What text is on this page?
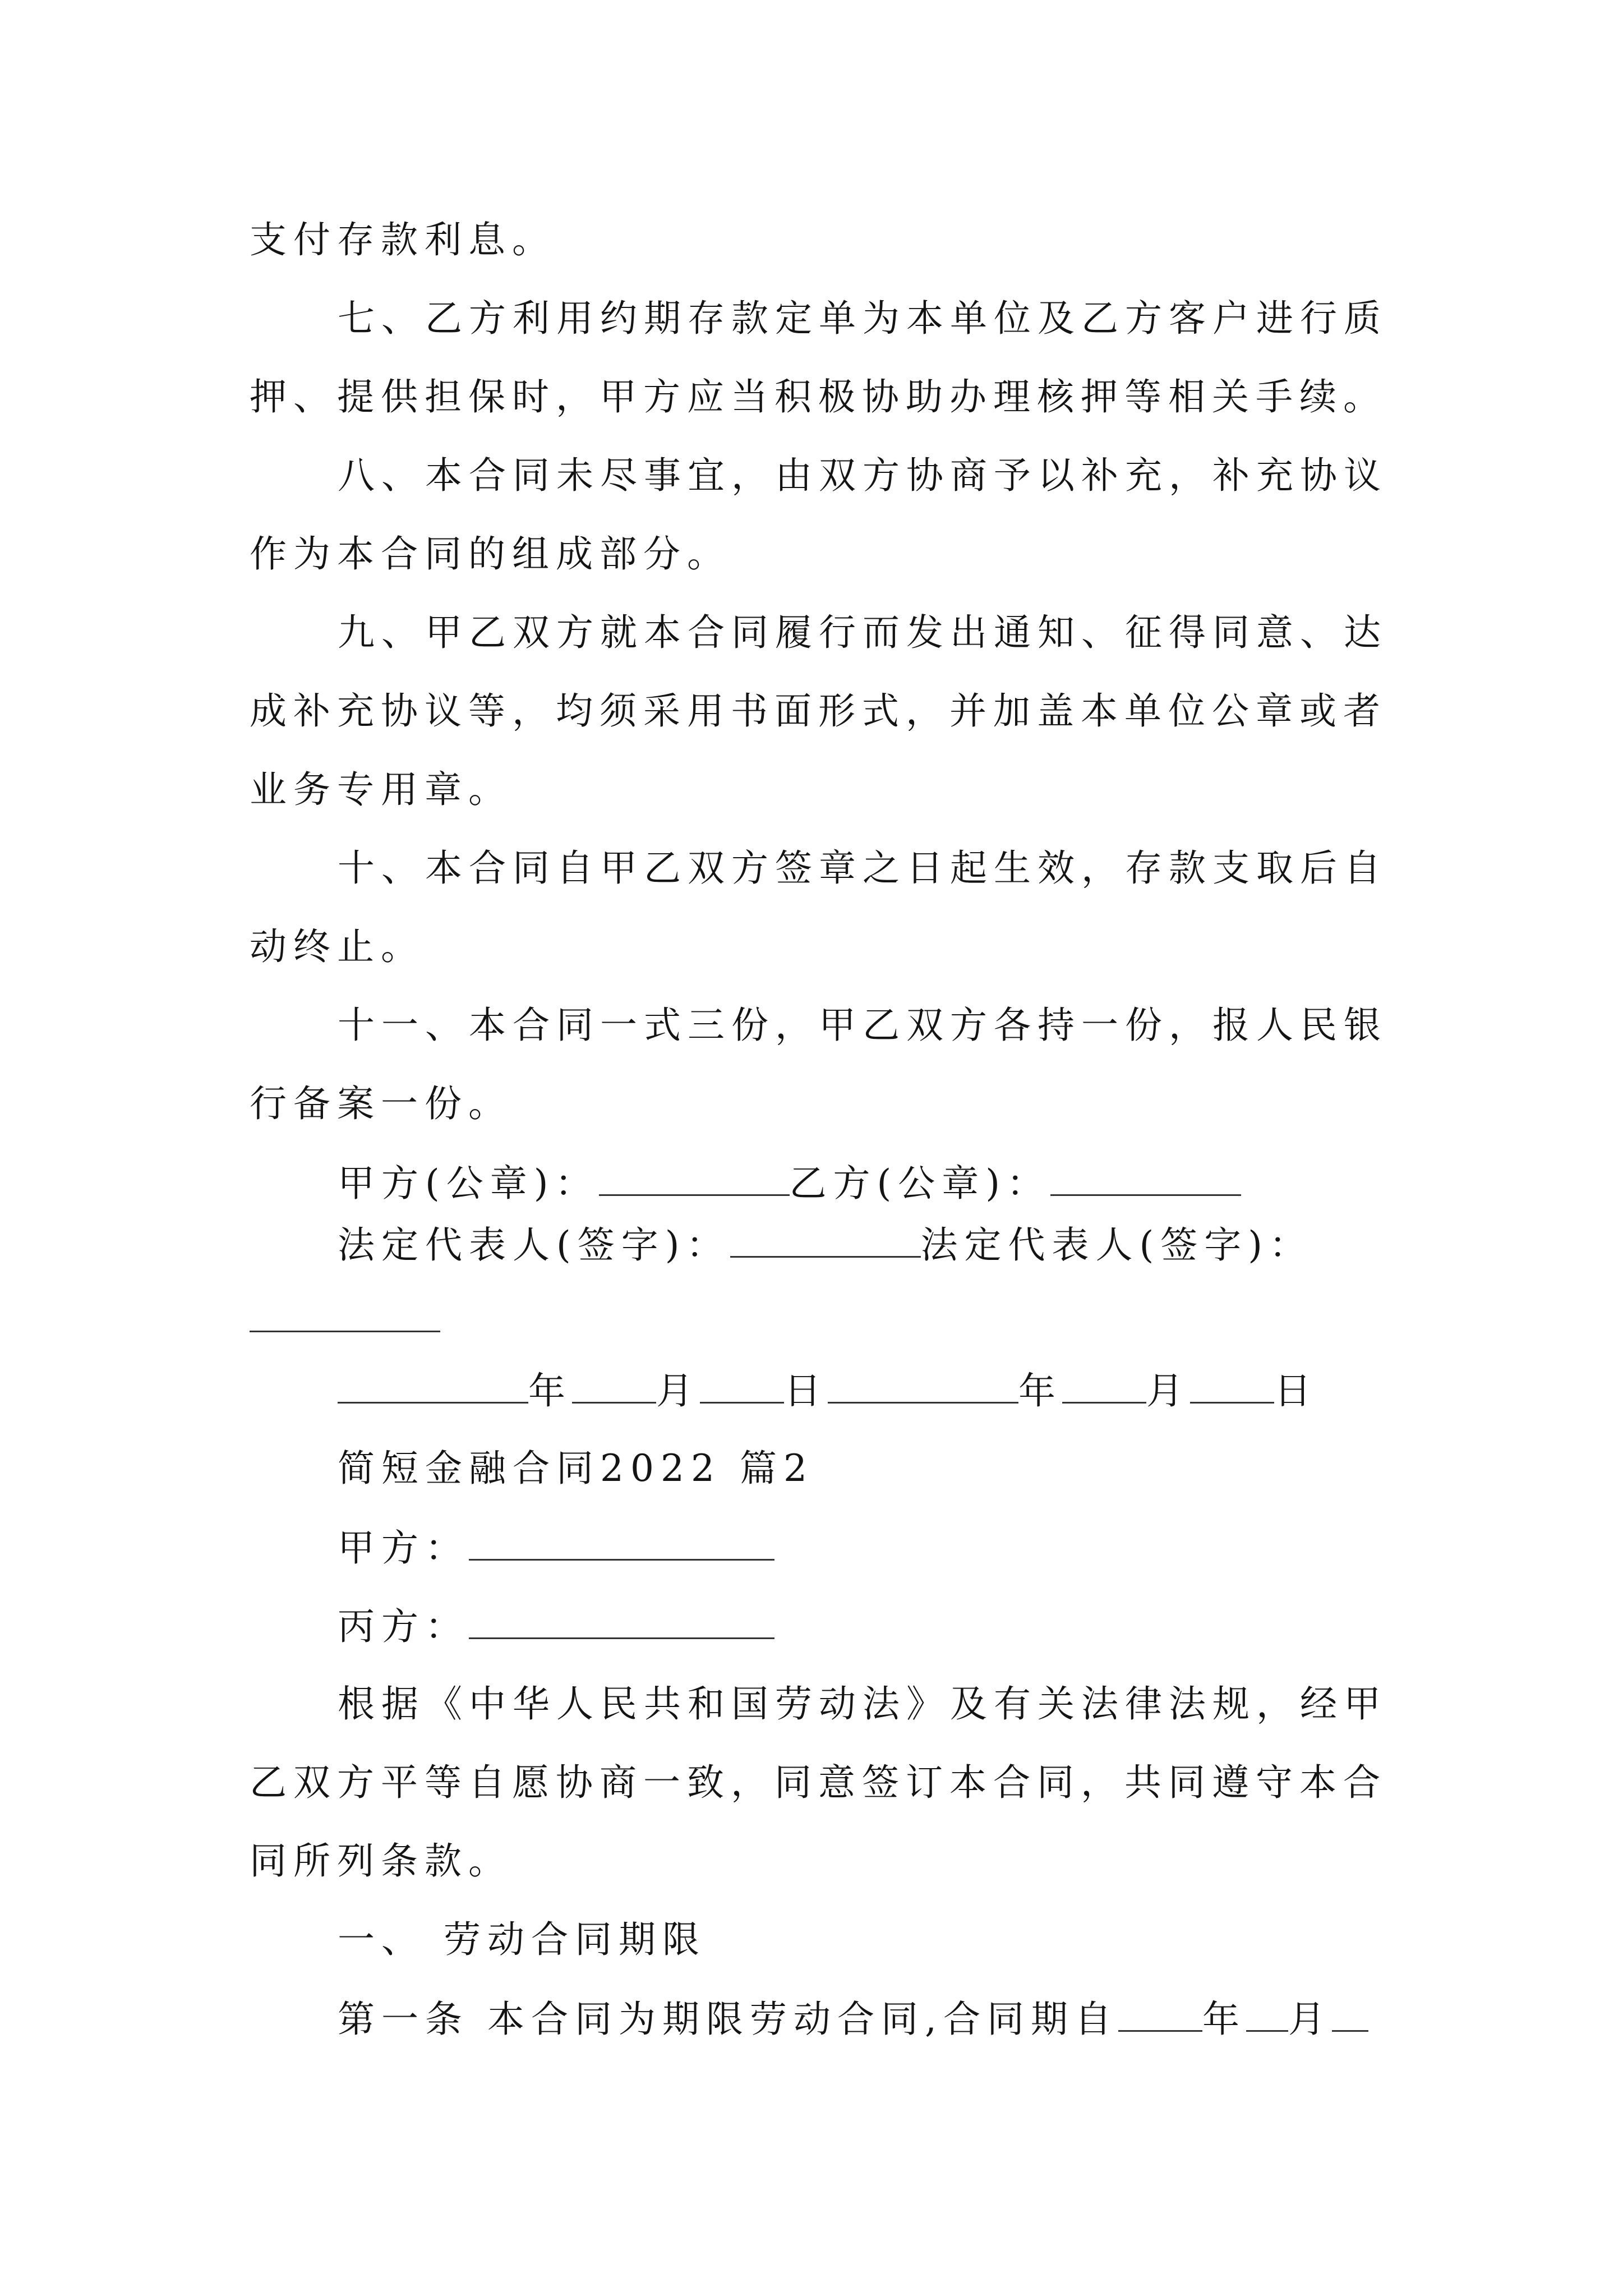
支付存款利息。
七、乙方利用约期存款定单为本单位及乙方客户进行质
押、提供担保时，甲方应当积极协助办理核押等相关手续。
八、本合同未尽事宜，由双方协商予以补充，补充协议
作为本合同的组成部分。
九、甲乙双方就本合同履行而发出通知、征得同意、达
成补充协议等，均须采用书面形式，并加盖本单位公章或者
业务专用章。
十、本合同自甲乙双方签章之日起生效，存款支取后自
动终止。
十一、本合同一式三份，甲乙双方各持一份，报人民银
行备案一份。
甲方(公章)：	乙方(公章)：
法定代表人(签字)：	法定代表人(签字)：
年 月 日	年 月 日
简短金融合同2022 篇2
甲方：
丙方：
根据《中华人民共和国劳动法》及有关法律法规，经甲
乙双方平等自愿协商一致，同意签订本合同，共同遵守本合
同所列条款。
一、 劳动合同期限
第一条 本合同为期限劳动合同,合同期自 年 月
